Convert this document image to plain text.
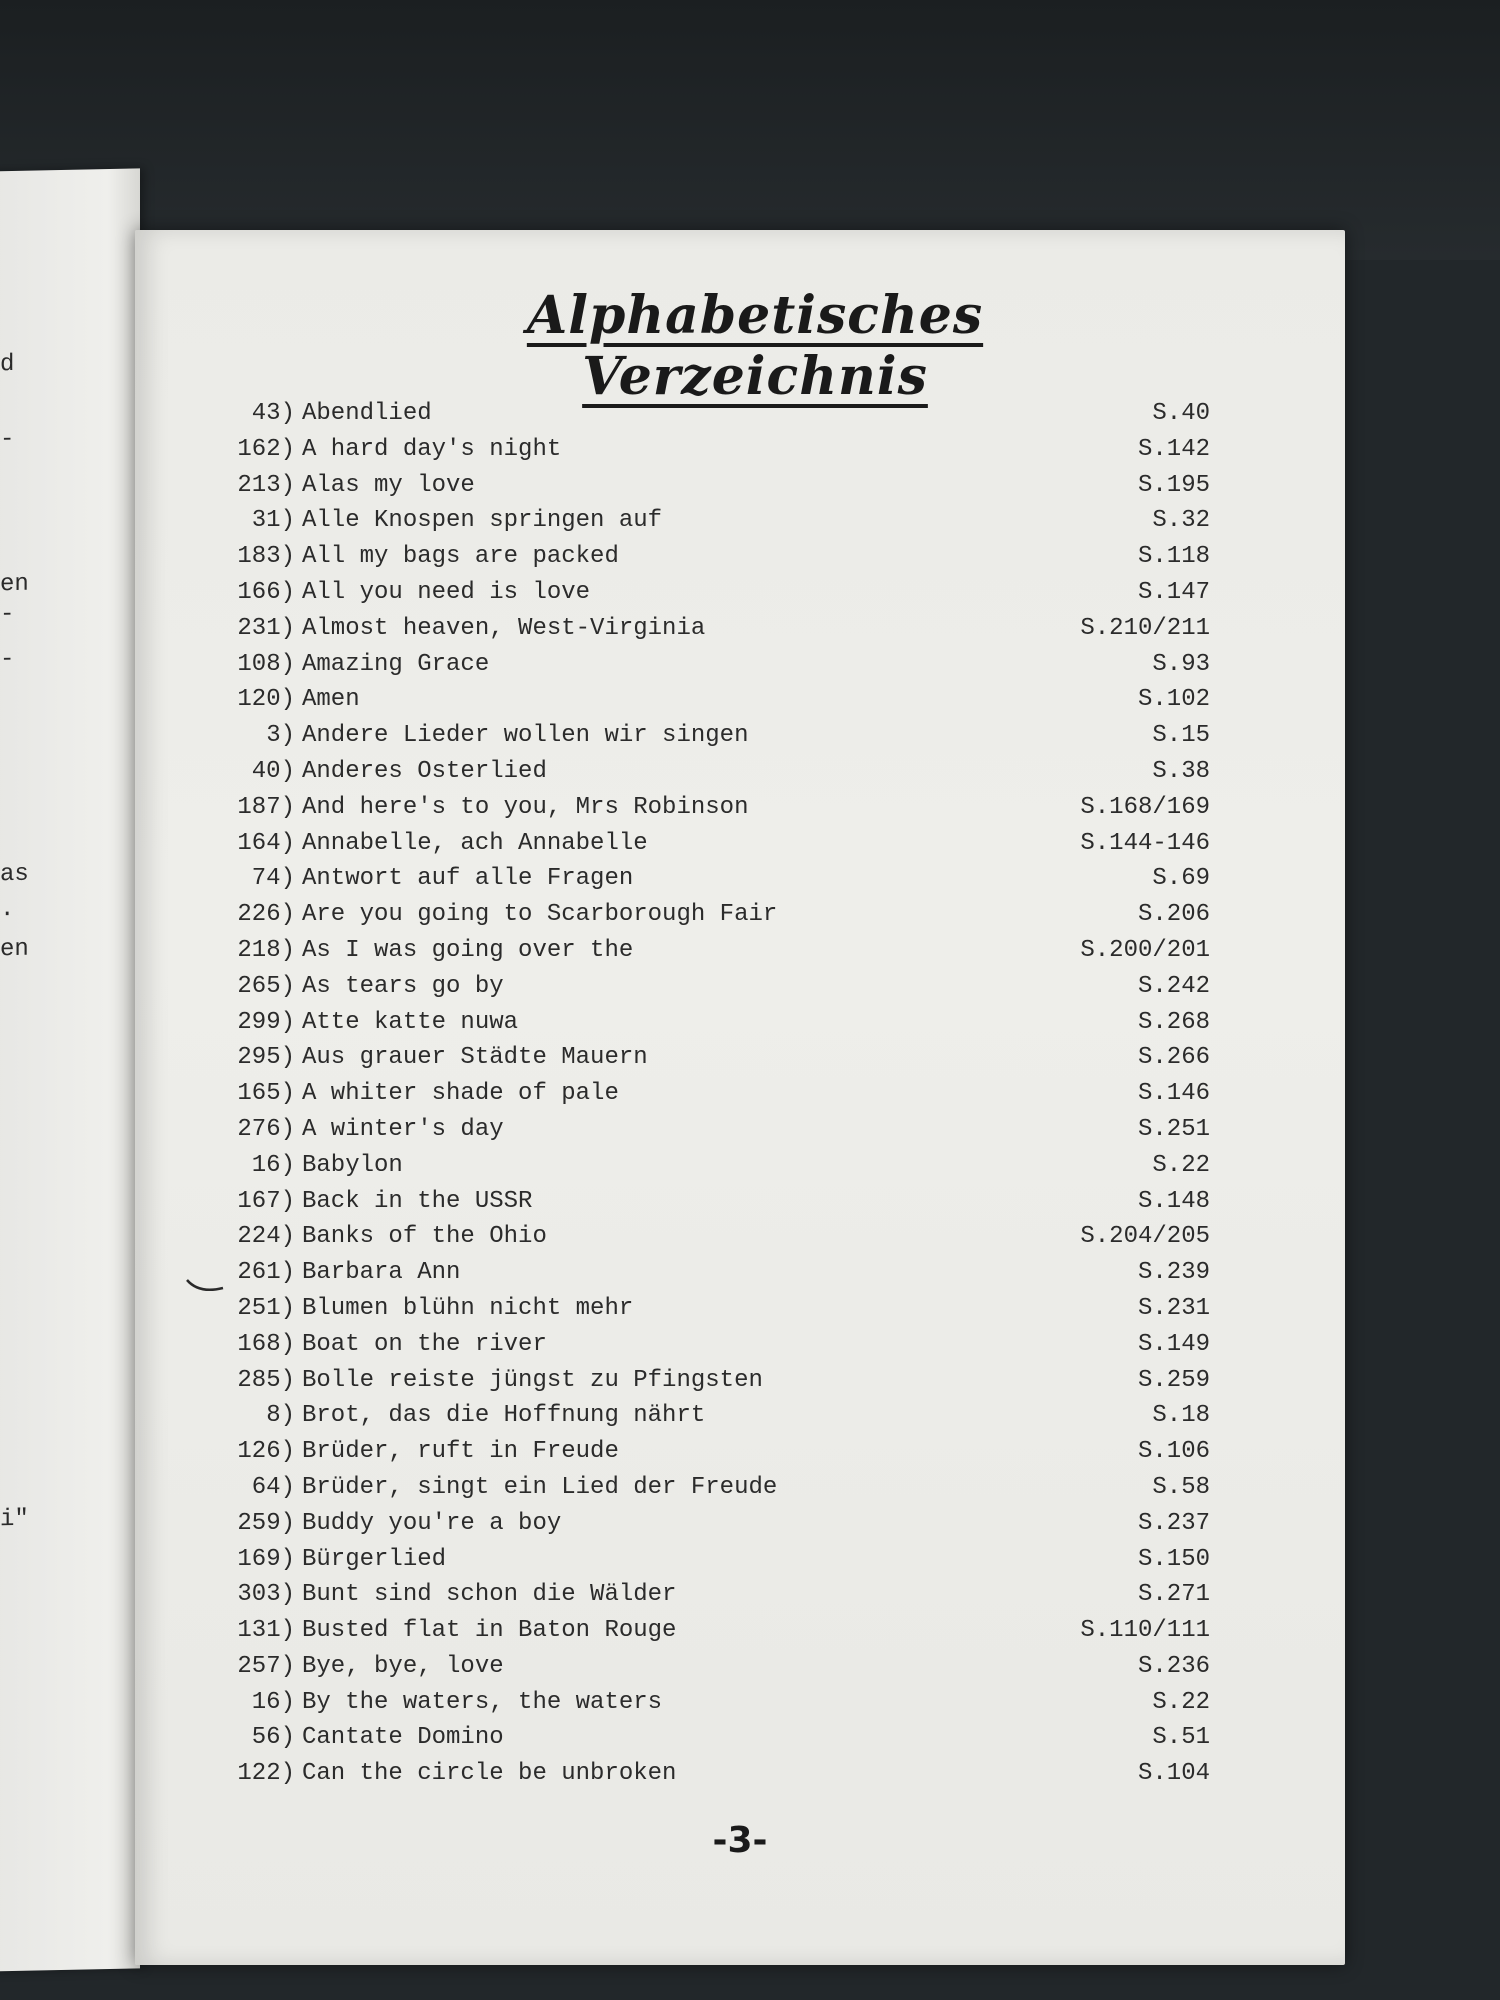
d
-
en
-
-
as
.
en
i"
Alphabetisches Verzeichnis
43) Abendlied	S.40
162) A hard day's night	S.142
213) Alas my love	S.195
31) Alle Knospen springen auf	S.32
183) All my bags are packed	S.118
166) All you need is love	S.147
231) Almost heaven, West-Virginia	S.210/211
108) Amazing Grace	S.93
120) Amen	S.102
3) Andere Lieder wollen wir singen	S.15
40) Anderes Osterlied	S.38
187) And here's to you, Mrs Robinson	S.168/169
164) Annabelle, ach Annabelle	S.144-146
74) Antwort auf alle Fragen	S.69
226) Are you going to Scarborough Fair	S.206
218) As I was going over the	S.200/201
265) As tears go by	S.242
299) Atte katte nuwa	S.268
295) Aus grauer Städte Mauern	S.266
165) A whiter shade of pale	S.146
276) A winter's day	S.251
16) Babylon	S.22
167) Back in the USSR	S.148
224) Banks of the Ohio	S.204/205
261) Barbara Ann	S.239
251) Blumen blühn nicht mehr	S.231
168) Boat on the river	S.149
285) Bolle reiste jüngst zu Pfingsten	S.259
8) Brot, das die Hoffnung nährt	S.18
126) Brüder, ruft in Freude	S.106
64) Brüder, singt ein Lied der Freude	S.58
259) Buddy you're a boy	S.237
169) Bürgerlied	S.150
303) Bunt sind schon die Wälder	S.271
131) Busted flat in Baton Rouge	S.110/111
257) Bye, bye, love	S.236
16) By the waters, the waters	S.22
56) Cantate Domino	S.51
122) Can the circle be unbroken	S.104
-3-
